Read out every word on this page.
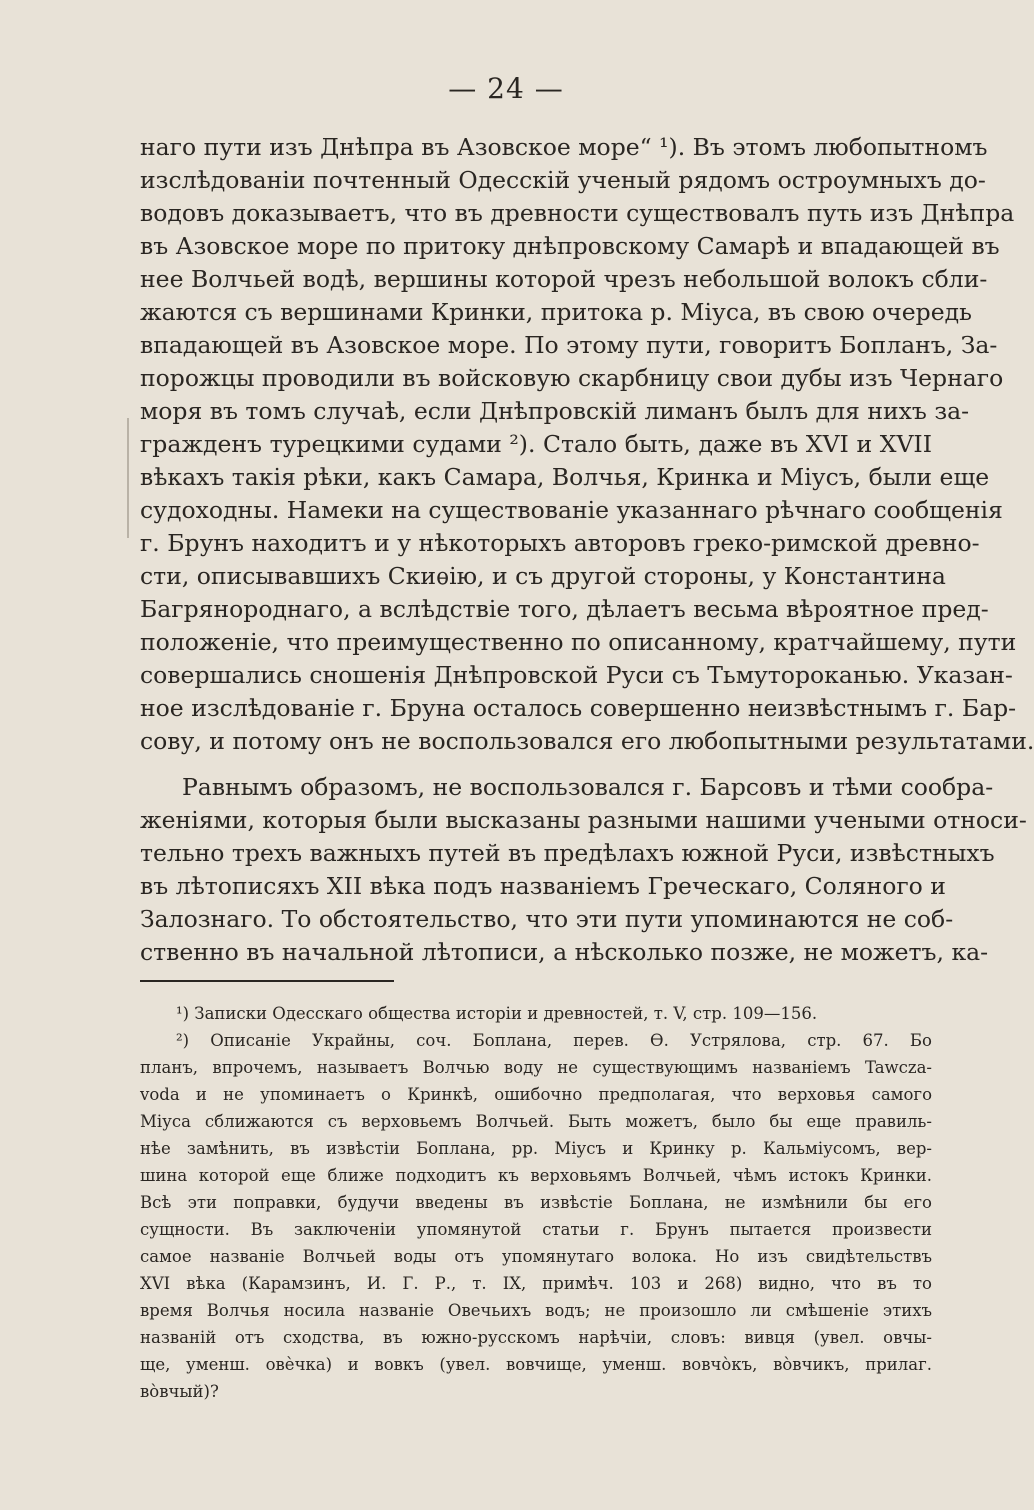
— 24 —
наго пути изъ Днѣпра въ Азовское море“ ¹). Въ этомъ любопытномъ
изслѣдованіи почтенный Одесскій ученый рядомъ остроумныхъ до-
водовъ доказываетъ, что въ древности существовалъ путь изъ Днѣпра
въ Азовское море по притоку днѣпровскому Самарѣ и впадающей въ
нее Волчьей водѣ, вершины которой чрезъ небольшой волокъ сбли-
жаются съ вершинами Кринки, притока р. Міуса, въ свою очередь
впадающей въ Азовское море. По этому пути, говоритъ Бопланъ, За-
порожцы проводили въ войсковую скарбницу свои дубы изъ Чернаго
моря въ томъ случаѣ, если Днѣпровскій лиманъ былъ для нихъ за-
гражденъ турецкими судами ²). Стало быть, даже въ XVI и XVII
вѣкахъ такія рѣки, какъ Самара, Волчья, Кринка и Міусъ, были еще
судоходны. Намеки на существованіе указаннаго рѣчнаго сообщенія
г. Брунъ находитъ и у нѣкоторыхъ авторовъ греко-римской древно-
сти, описывавшихъ Скиѳію, и съ другой стороны, у Константина
Багрянороднаго, а вслѣдствіе того, дѣлаетъ весьма вѣроятное пред-
положеніе, что преимущественно по описанному, кратчайшему, пути
совершались сношенія Днѣпровской Руси съ Тьмутороканью. Указан-
ное изслѣдованіе г. Бруна осталось совершенно неизвѣстнымъ г. Бар-
сову, и потому онъ не воспользовался его любопытными результатами.
Равнымъ образомъ, не воспользовался г. Барсовъ и тѣми сообра-
женіями, которыя были высказаны разными нашими учеными относи-
тельно трехъ важныхъ путей въ предѣлахъ южной Руси, извѣстныхъ
въ лѣтописяхъ XII вѣка подъ названіемъ Греческаго, Соляного и
Залознаго. То обстоятельство, что эти пути упоминаются не соб-
ственно въ начальной лѣтописи, а нѣсколько позже, не можетъ, ка-
¹) Записки Одесскаго общества исторіи и древностей, т. V, стр. 109—156.
²) Описаніе Украйны, соч. Боплана, перев. Ѳ. Устрялова, стр. 67. Бо
планъ, впрочемъ, называетъ Волчью воду не существующимъ названіемъ Tawcza-
voda и не упоминаетъ о Кринкѣ, ошибочно предполагая, что верховья самого
Міуса сближаются съ верховьемъ Волчьей. Быть можетъ, было бы еще правиль-
нѣе замѣнить, въ извѣстіи Боплана, рр. Міусъ и Кринку р. Кальміусомъ, вер-
шина которой еще ближе подходитъ къ верховьямъ Волчьей, чѣмъ истокъ Кринки.
Всѣ эти поправки, будучи введены въ извѣстіе Боплана, не измѣнили бы его
сущности. Въ заключеніи упомянутой статьи г. Брунъ пытается произвести
самое названіе Волчьей воды отъ упомянутаго волока. Но изъ свидѣтельствъ
XVI вѣка (Карамзинъ, И. Г. Р., т. IX, примѣч. 103 и 268) видно, что въ то
время Волчья носила названіе Овечьихъ водъ; не произошло ли смѣшеніе этихъ
названій отъ сходства, въ южно-русскомъ нарѣчіи, словъ: вивця (увел. овчы-
ще, уменш. овѐчка) и вовкъ (увел. вовчище, уменш. вовчо̀къ, во̀вчикъ, прилаг.
во̀вчый)?
